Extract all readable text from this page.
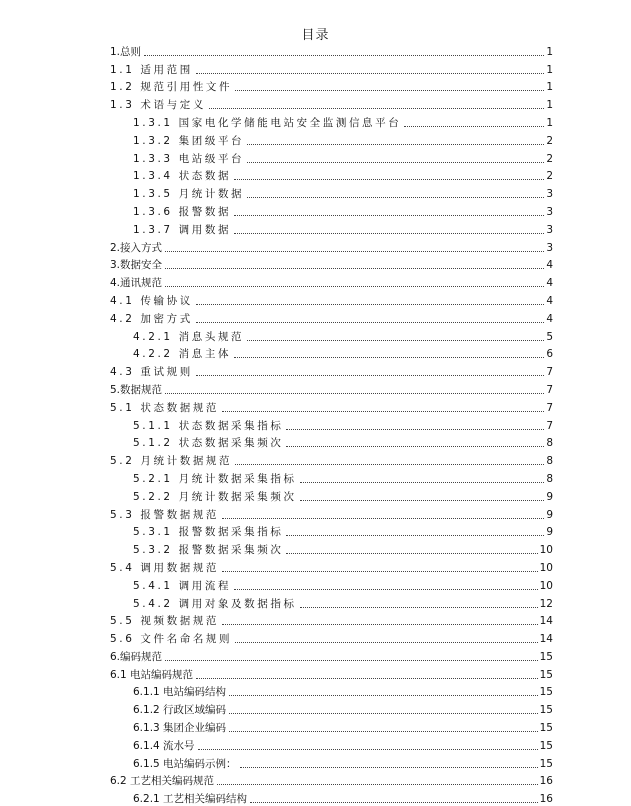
目录
1.总则	1
1.1 适用范围	1
1.2 规范引用性文件	1
1.3 术语与定义	1
1.3.1 国家电化学储能电站安全监测信息平台	1
1.3.2 集团级平台	2
1.3.3 电站级平台	2
1.3.4 状态数据	2
1.3.5 月统计数据	3
1.3.6 报警数据	3
1.3.7 调用数据	3
2.接入方式	3
3.数据安全	4
4.通讯规范	4
4.1 传输协议	4
4.2 加密方式	4
4.2.1 消息头规范	5
4.2.2 消息主体	6
4.3 重试规则	7
5.数据规范	7
5.1 状态数据规范	7
5.1.1 状态数据采集指标	7
5.1.2 状态数据采集频次	8
5.2 月统计数据规范	8
5.2.1 月统计数据采集指标	8
5.2.2 月统计数据采集频次	9
5.3 报警数据规范	9
5.3.1 报警数据采集指标	9
5.3.2 报警数据采集频次	10
5.4 调用数据规范	10
5.4.1 调用流程	10
5.4.2 调用对象及数据指标	12
5.5 视频数据规范	14
5.6 文件名命名规则	14
6.编码规范	15
6.1 电站编码规范	15
6.1.1 电站编码结构	15
6.1.2 行政区域编码	15
6.1.3 集团企业编码	15
6.1.4 流水号	15
6.1.5 电站编码示例：	15
6.2 工艺相关编码规范	16
6.2.1 工艺相关编码结构	16
